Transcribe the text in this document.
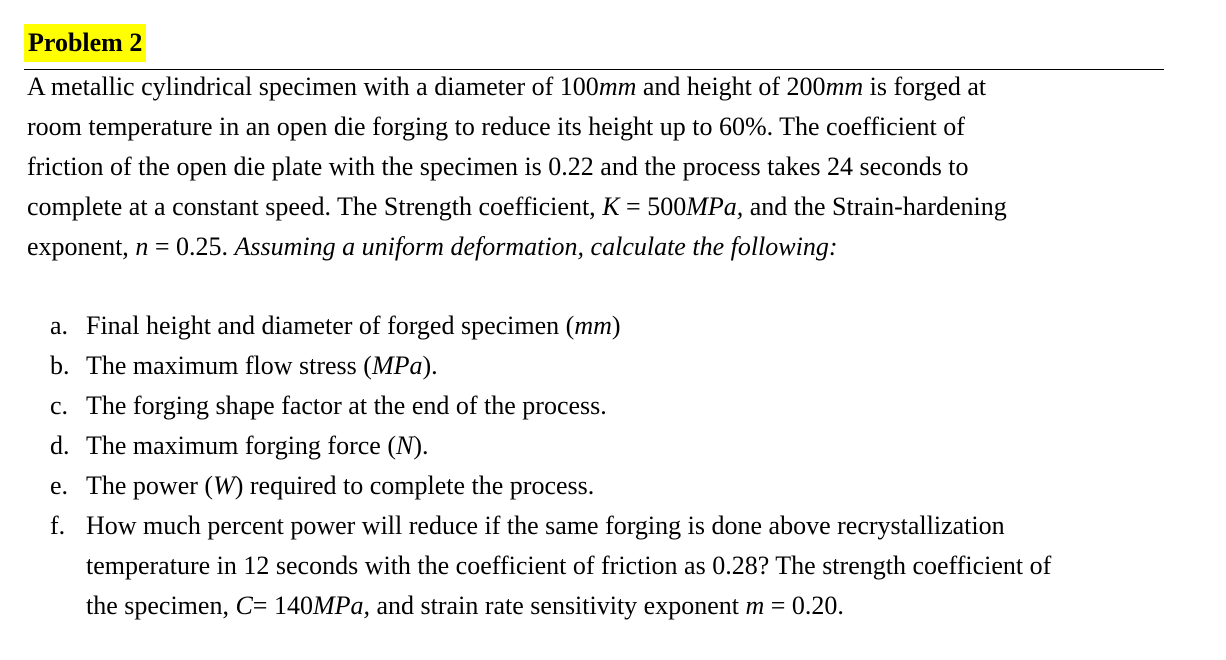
Problem 2

A metallic cylindrical specimen with a diameter of 100mm and height of 200mm is forged at

room temperature in an open die forging to reduce its height up to 60%. The coefficient of

friction of the open die plate with the specimen is 0.22 and the process takes 24 seconds to

complete at a constant speed. The Strength coefficient, K = 500MPa, and the Strain-hardening

exponent, n = 0.25. Assuming a uniform deformation, calculate the following:

a. Final height and diameter of forged specimen (mm)
b. The maximum flow stress (MPa).
c. The forging shape factor at the end of the process.
d. The maximum forging force (N).
e. The power (W) required to complete the process.
f. How much percent power will reduce if the same forging is done above recrystallization
temperature in 12 seconds with the coefficient of friction as 0.28? The strength coefficient of
the specimen, C= 140MPa, and strain rate sensitivity exponent m = 0.20.
